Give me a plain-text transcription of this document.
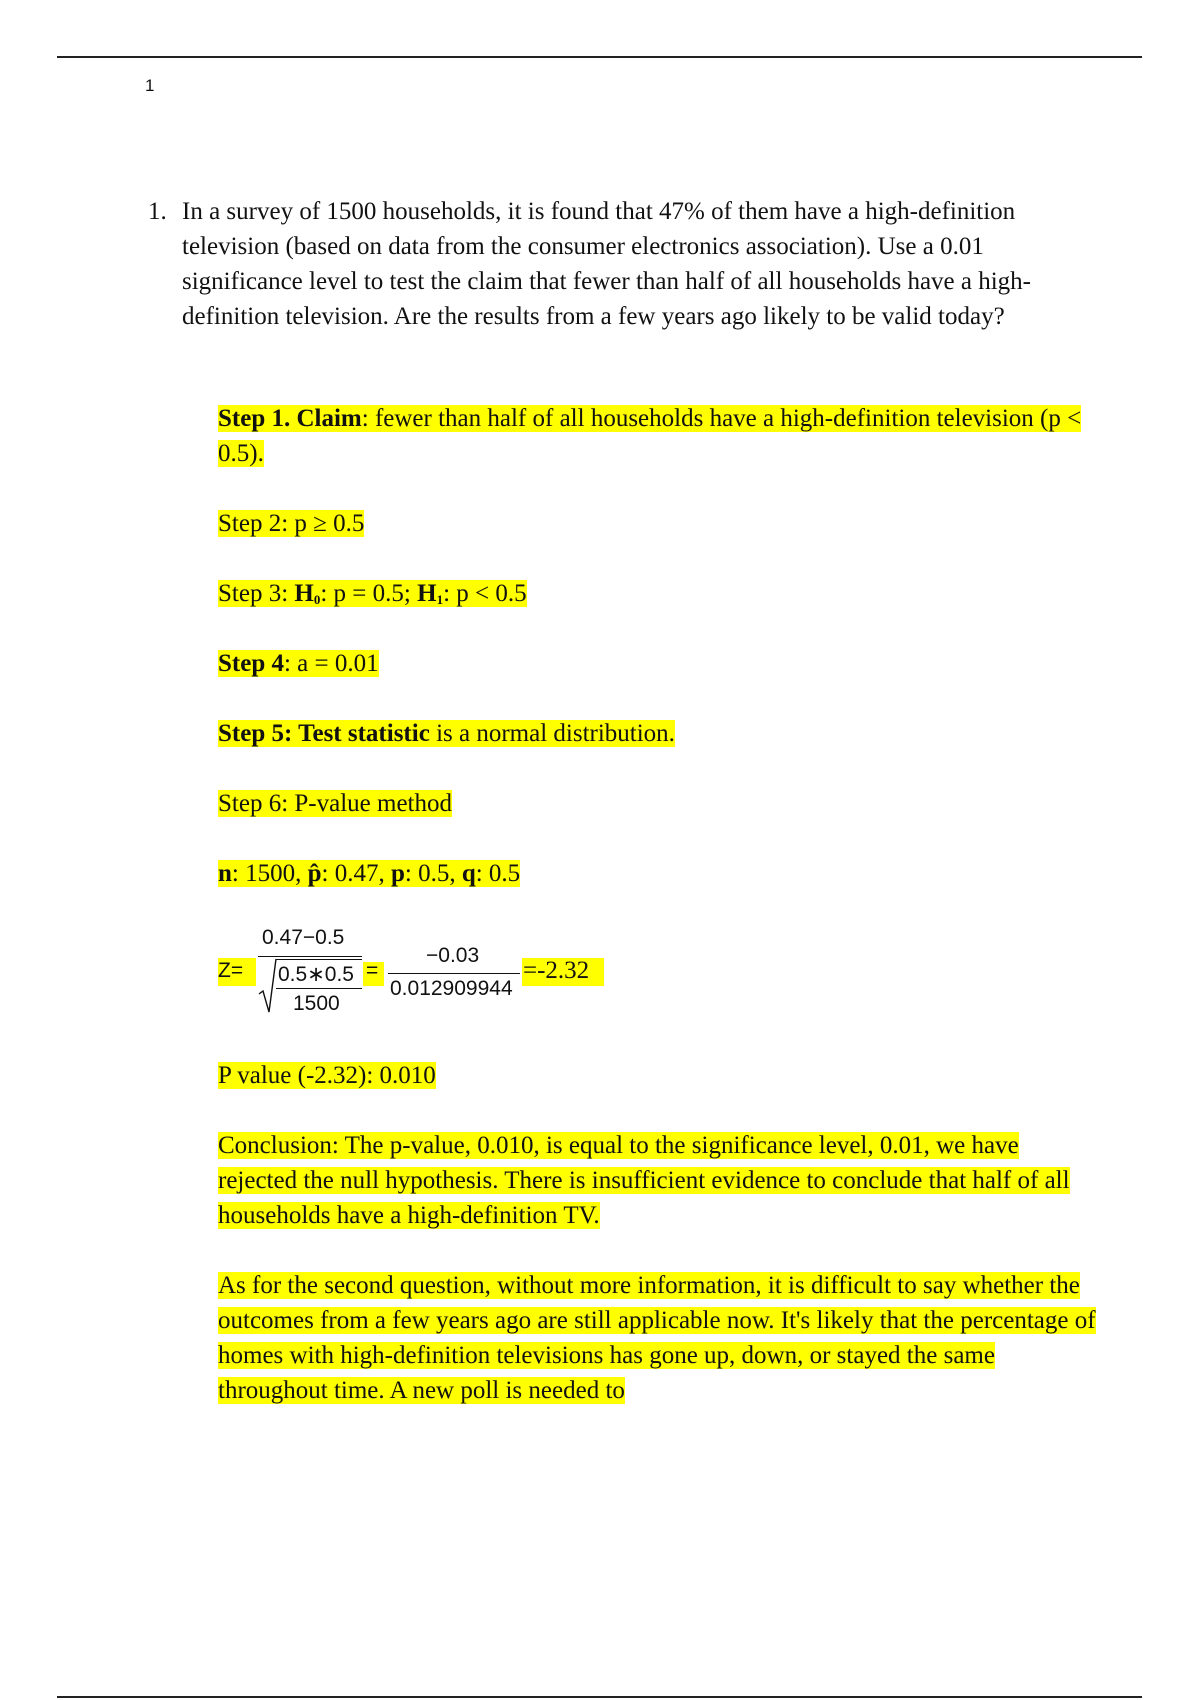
1
1. In a survey of 1500 households, it is found that 47% of them have a high-definition television (based on data from the consumer electronics association). Use a 0.01 significance level to test the claim that fewer than half of all households have a high-definition television. Are the results from a few years ago likely to be valid today?

Step 1. Claim: fewer than half of all households have a high-definition television (p < 0.5).

Step 2: p ≥ 0.5

Step 3: $H_0$: p = 0.5; $H_1$: p < 0.5

Step 4: a = 0.01

Step 5: Test statistic is a normal distribution.

Step 6: P-value method

n: 1500, p̂: 0.47, p: 0.5, q: 0.5

Z=
0.47−0.5
0.5∗0.5
1500
=
−0.03
0.012909944
=-2.32

P value (-2.32): 0.010

Conclusion: The p-value, 0.010, is equal to the significance level, 0.01, we have rejected the null hypothesis. There is insufficient evidence to conclude that half of all households have a high-definition TV.

As for the second question, without more information, it is difficult to say whether the outcomes from a few years ago are still applicable now. It's likely that the percentage of homes with high-definition televisions has gone up, down, or stayed the same throughout time. A new poll is needed to
